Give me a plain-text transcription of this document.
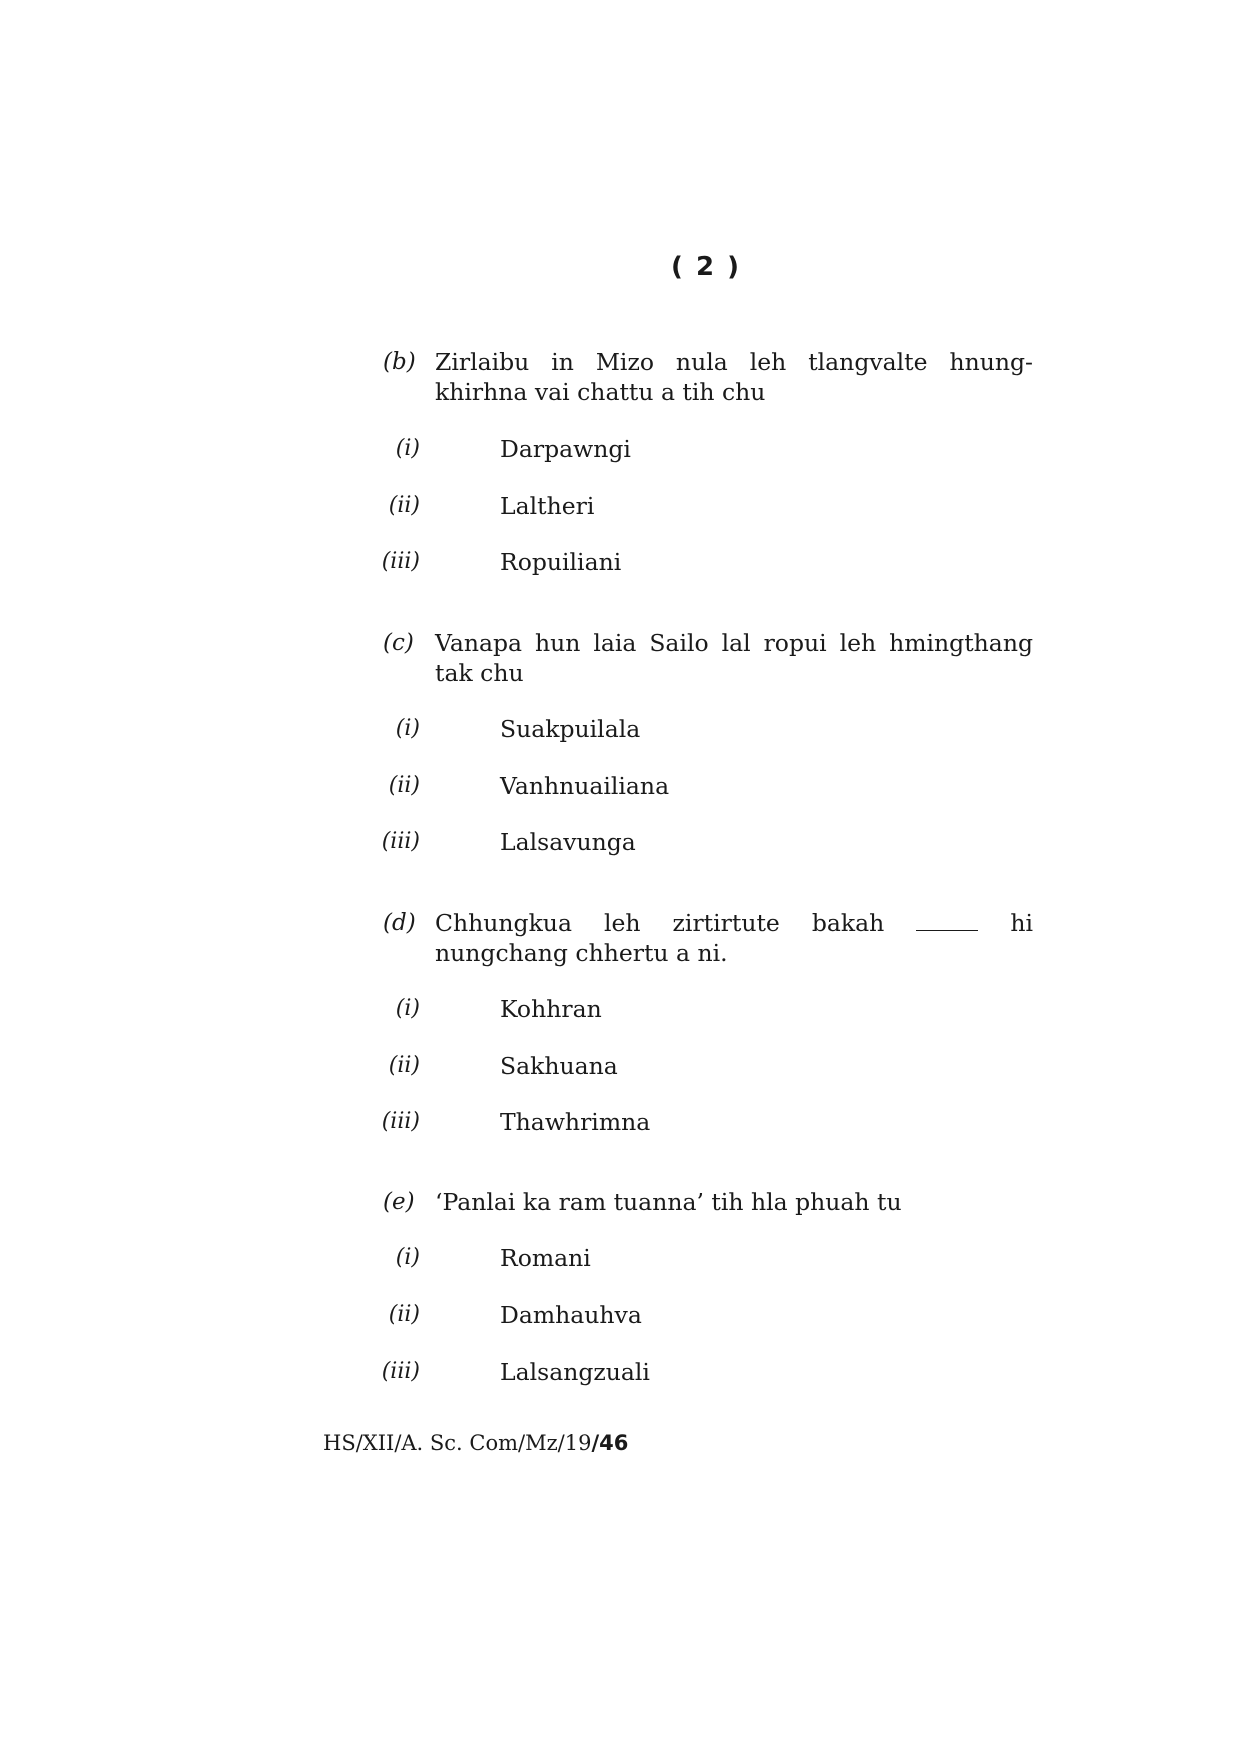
( 2 )
(b) Zirlaibu in Mizo nula leh tlangvalte hnung-
khirhna vai chattu a tih chu
(i)	Darpawngi
(ii)	Laltheri
(iii)	Ropuiliani
(c) Vanapa hun laia Sailo lal ropui leh hmingthang
tak chu
(i)	Suakpuilala
(ii)	Vanhnuailiana
(iii)	Lalsavunga
(d) Chhungkua leh zirtirtute bakah	hi
nungchang chhertu a ni.
(i)	Kohhran
(ii)	Sakhuana
(iii)	Thawhrimna
(e) ‘Panlai ka ram tuanna’ tih hla phuah tu
(i)	Romani
(ii)	Damhauhva
(iii)	Lalsangzuali
HS/XII/A. Sc. Com/Mz/19/46
